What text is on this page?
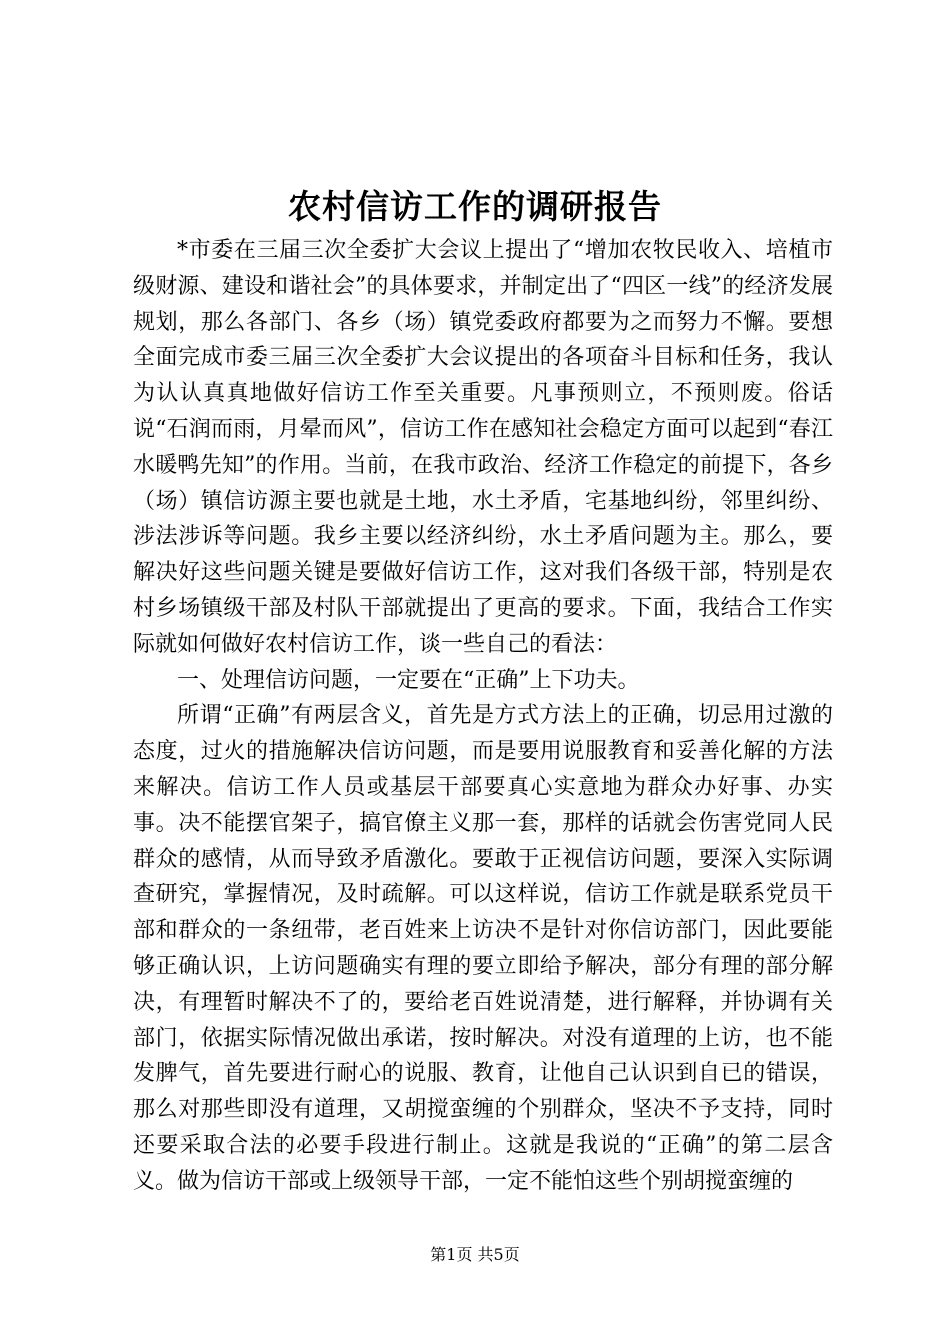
农村信访工作的调研报告

*市委在三届三次全委扩大会议上提出了“增加农牧民收入、培植市级财源、建设和谐社会”的具体要求，并制定出了“四区一线”的经济发展规划，那么各部门、各乡（场）镇党委政府都要为之而努力不懈。要想全面完成市委三届三次全委扩大会议提出的各项奋斗目标和任务，我认为认认真真地做好信访工作至关重要。凡事预则立，不预则废。俗话说“石润而雨，月晕而风”，信访工作在感知社会稳定方面可以起到“春江水暖鸭先知”的作用。当前，在我市政治、经济工作稳定的前提下，各乡（场）镇信访源主要也就是土地，水土矛盾，宅基地纠纷，邻里纠纷、涉法涉诉等问题。我乡主要以经济纠纷，水土矛盾问题为主。那么，要解决好这些问题关键是要做好信访工作，这对我们各级干部，特别是农村乡场镇级干部及村队干部就提出了更高的要求。下面，我结合工作实际就如何做好农村信访工作，谈一些自己的看法：

一、处理信访问题，一定要在“正确”上下功夫。

所谓“正确”有两层含义，首先是方式方法上的正确，切忌用过激的态度，过火的措施解决信访问题，而是要用说服教育和妥善化解的方法来解决。信访工作人员或基层干部要真心实意地为群众办好事、办实事。决不能摆官架子，搞官僚主义那一套，那样的话就会伤害党同人民群众的感情，从而导致矛盾激化。要敢于正视信访问题，要深入实际调查研究，掌握情况，及时疏解。可以这样说，信访工作就是联系党员干部和群众的一条纽带，老百姓来上访决不是针对你信访部门，因此要能够正确认识，上访问题确实有理的要立即给予解决，部分有理的部分解决，有理暂时解决不了的，要给老百姓说清楚，进行解释，并协调有关部门，依据实际情况做出承诺，按时解决。对没有道理的上访，也不能发脾气，首先要进行耐心的说服、教育，让他自己认识到自已的错误，那么对那些即没有道理，又胡搅蛮缠的个别群众，坚决不予支持，同时还要采取合法的必要手段进行制止。这就是我说的“正确”的第二层含义。做为信访干部或上级领导干部，一定不能怕这些个别胡搅蛮缠的

第1页 共5页
